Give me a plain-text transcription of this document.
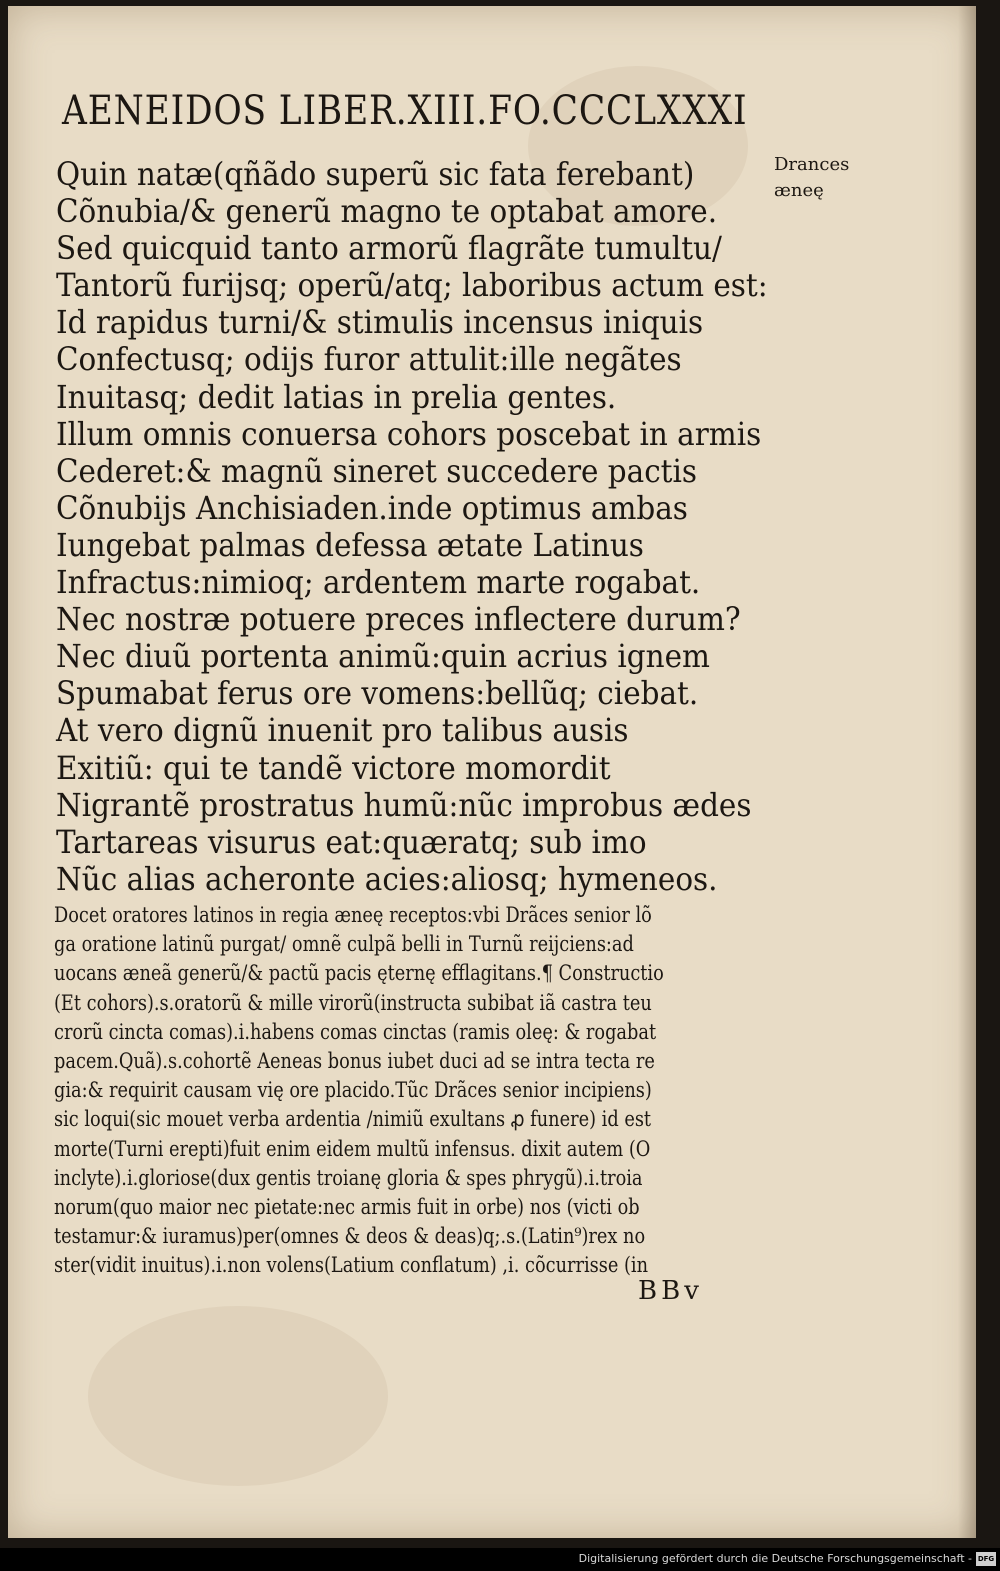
AENEIDOS LIBER.XIII.FO.CCCLXXXI
Drances
æneę
Quin natæ(qñãdo superũ sic fata ferebant)
Cõnubia/& generũ magno te optabat amore.
Sed quicquid tanto armorũ flagrãte tumultu/
Tantorũ furijsq; operũ/atq; laboribus actum est:
Id rapidus turni/& stimulis incensus iniquis
Confectusq; odijs furor attulit:ille negãtes
Inuitasq; dedit latias in prelia gentes.
Illum omnis conuersa cohors poscebat in armis
Cederet:& magnũ sineret succedere pactis
Cõnubijs Anchisiaden.inde optimus ambas
Iungebat palmas defessa ætate Latinus
Infractus:nimioq; ardentem marte rogabat.
Nec nostræ potuere preces inflectere durum?
Nec diuũ portenta animũ:quin acrius ignem
Spumabat ferus ore vomens:bellũq; ciebat.
At vero dignũ inuenit pro talibus ausis
Exitiũ: qui te tandẽ victore momordit
Nigrantẽ prostratus humũ:nũc improbus ædes
Tartareas visurus eat:quæratq; sub imo
Nũc alias acheronte acies:aliosq; hymeneos.
Docet oratores latinos in regia æneę receptos:vbi Drãces senior lõ
ga oratione latinũ purgat/ omnẽ culpã belli in Turnũ reijciens:ad
uocans æneã generũ/& pactũ pacis ęternę efflagitans.¶ Constructio
(Et cohors).s.oratorũ & mille virorũ(instructa subibat iã castra teu
crorũ cincta comas).i.habens comas cinctas (ramis oleę: & rogabat
pacem.Quã).s.cohortẽ Aeneas bonus iubet duci ad se intra tecta re
gia:& requirit causam vię ore placido.Tũc Drãces senior incipiens)
sic loqui(sic mouet verba ardentia /nimiũ exultans ꝓ funere) id est
morte(Turni erepti)fuit enim eidem multũ infensus. dixit autem (O
inclyte).i.gloriose(dux gentis troianę gloria & spes phrygũ).i.troia
norum(quo maior nec pietate:nec armis fuit in orbe) nos (victi ob
testamur:& iuramus)per(omnes & deos & deas)q;.s.(Latin⁹)rex no
ster(vidit inuitus).i.non volens(Latium conflatum) ,i. cõcurrisse (in
BBv
Digitalisierung gefördert durch die Deutsche Forschungsgemeinschaft - DFG
